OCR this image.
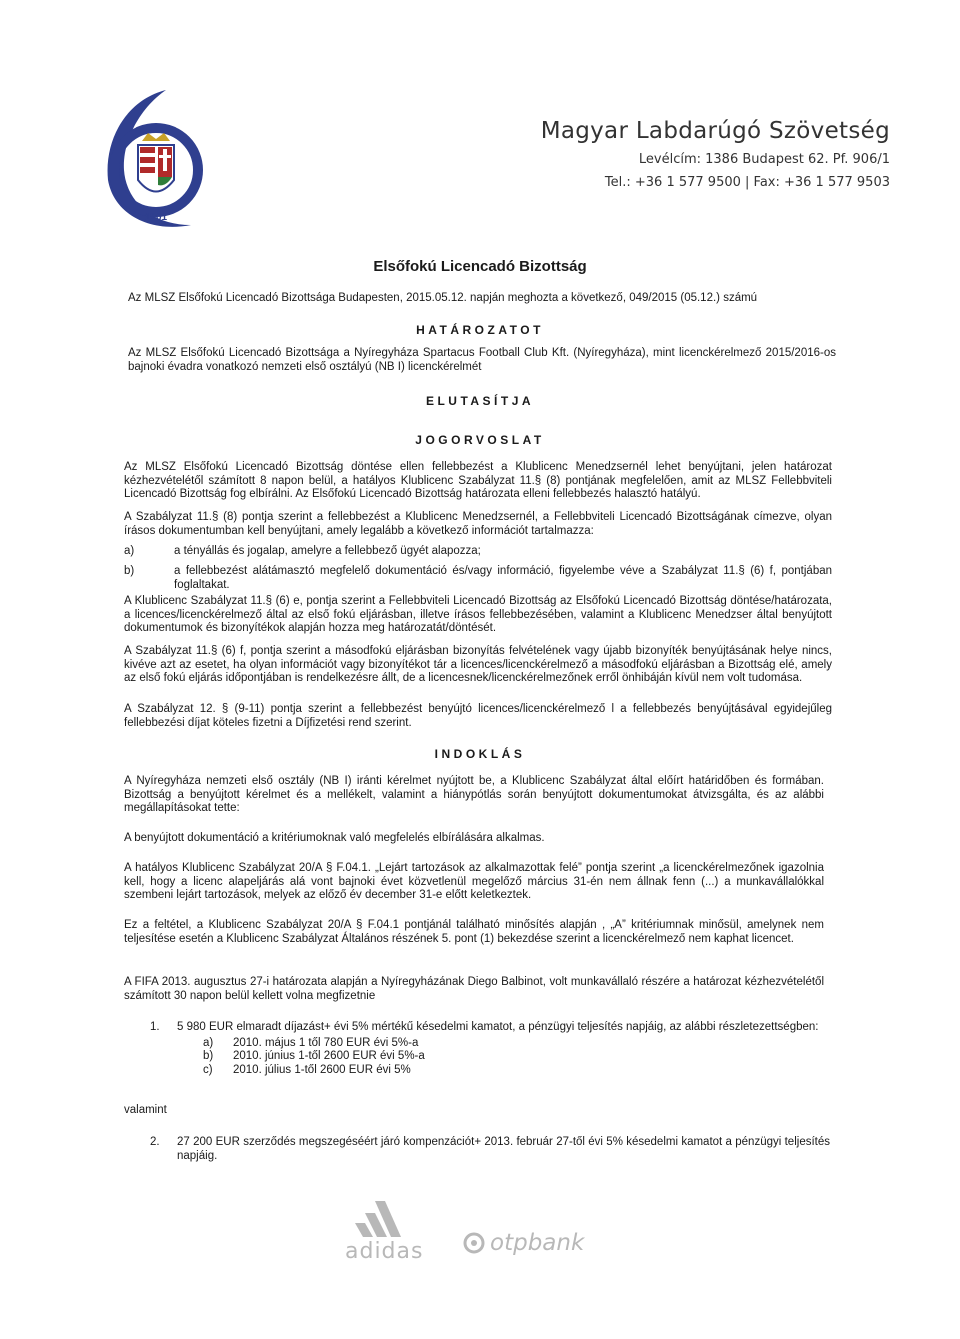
1901
Magyar Labdarúgó Szövetség
Levélcím: 1386 Budapest 62. Pf. 906/1
Tel.: +36 1 577 9500 | Fax: +36 1 577 9503
Elsőfokú Licencadó Bizottság
Az MLSZ Elsőfokú Licencadó Bizottsága Budapesten, 2015.05.12. napján meghozta a következő, 049/2015 (05.12.) számú
HATÁROZATOT
Az MLSZ Elsőfokú Licencadó Bizottsága a Nyíregyháza Spartacus Football Club Kft. (Nyíregyháza), mint licenckérelmező 2015/2016-os bajnoki évadra vonatkozó nemzeti első osztályú (NB I) licenckérelmét
ELUTASÍTJA
JOGORVOSLAT
Az MLSZ Elsőfokú Licencadó Bizottság döntése ellen fellebbezést a Klublicenc Menedzsernél lehet benyújtani, jelen határozat kézhezvételétől számított 8 napon belül, a hatályos Klublicenc Szabályzat 11.§ (8) pontjának megfelelően, amit az MLSZ Fellebbviteli Licencadó Bizottság fog elbírálni. Az Elsőfokú Licencadó Bizottság határozata elleni fellebbezés halasztó hatályú.
A Szabályzat 11.§ (8) pontja szerint a fellebbezést a Klublicenc Menedzsernél, a Fellebbviteli Licencadó Bizottságának címezve, olyan írásos dokumentumban kell benyújtani, amely legalább a következő információt tartalmazza:
a)	a tényállás és jogalap, amelyre a fellebbező ügyét alapozza;
b)	a fellebbezést alátámasztó megfelelő dokumentáció és/vagy információ, figyelembe véve a Szabályzat 11.§ (6) f, pontjában foglaltakat.
A Klublicenc Szabályzat 11.§ (6) e, pontja szerint a Fellebbviteli Licencadó Bizottság az Elsőfokú Licencadó Bizottság döntése/határozata, a licences/licenckérelmező által az első fokú eljárásban, illetve írásos fellebbezésében, valamint a Klublicenc Menedzser által benyújtott dokumentumok és bizonyítékok alapján hozza meg határozatát/döntését.
A Szabályzat 11.§ (6) f, pontja szerint a másodfokú eljárásban bizonyítás felvételének vagy újabb bizonyíték benyújtásának helye nincs, kivéve azt az esetet, ha olyan információt vagy bizonyítékot tár a licences/licenckérelmező a másodfokú eljárásban a Bizottság elé, amely az első fokú eljárás időpontjában is rendelkezésre állt, de a licencesnek/licenckérelmezőnek erről önhibáján kívül nem volt tudomása.
A Szabályzat 12. § (9-11) pontja szerint a fellebbezést benyújtó licences/licenckérelmező l a fellebbezés benyújtásával egyidejűleg fellebbezési díjat köteles fizetni a Díjfizetési rend szerint.
INDOKLÁS
A Nyíregyháza nemzeti első osztály (NB I) iránti kérelmet nyújtott be, a Klublicenc Szabályzat által előírt határidőben és formában. Bizottság a benyújtott kérelmet és a mellékelt, valamint a hiánypótlás során benyújtott dokumentumokat átvizsgálta, és az alábbi megállapításokat tette:
A benyújtott dokumentáció a kritériumoknak való megfelelés elbírálására alkalmas.
A hatályos Klublicenc Szabályzat 20/A § F.04.1. „Lejárt tartozások az alkalmazottak felé” pontja szerint „a licenckérelmezőnek igazolnia kell, hogy a licenc alapeljárás alá vont bajnoki évet közvetlenül megelőző március 31-én nem állnak fenn (...) a munkavállalókkal szembeni lejárt tartozások, melyek az előző év december 31-e előtt keletkeztek.
Ez a feltétel, a Klublicenc Szabályzat 20/A § F.04.1 pontjánál található minősítés alapján , „A” kritériumnak minősül, amelynek nem teljesítése esetén a Klublicenc Szabályzat Általános részének 5. pont (1) bekezdése szerint a licenckérelmező nem kaphat licencet.
A FIFA 2013. augusztus 27-i határozata alapján a Nyíregyházának Diego Balbinot, volt munkavállaló részére a határozat kézhezvételétől számított 30 napon belül kellett volna megfizetnie
1.	5 980 EUR elmaradt díjazást+ évi 5% mértékű késedelmi kamatot, a pénzügyi teljesítés napjáig, az alábbi részletezettségben:
a) 2010. május 1 től 780 EUR évi 5%-a
b) 2010. június 1-től 2600 EUR évi 5%-a
c) 2010. július 1-től 2600 EUR évi 5%
valamint
2.	27 200 EUR szerződés megszegéséért járó kompenzációt+ 2013. február 27-től évi 5% késedelmi kamatot a pénzügyi teljesítés napjáig.
adidas	otpbank
